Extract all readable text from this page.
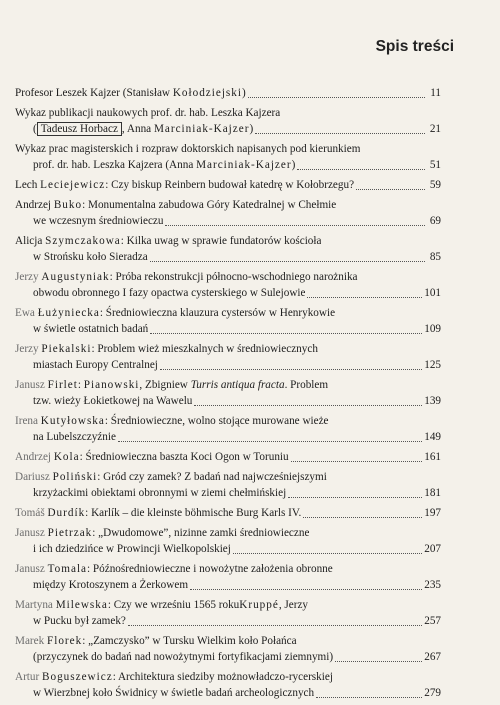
Spis treści
Profesor Leszek Kajzer (Stanisław Kołodziejski)	11
Wykaz publikacji naukowych prof. dr. hab. Leszka Kajzera
( Tadeusz Horbacz , Anna Marciniak-Kajzer)	21
Wykaz prac magisterskich i rozpraw doktorskich napisanych pod kierunkiem
prof. dr. hab. Leszka Kajzera (Anna Marciniak-Kajzer)	51
Lech Leciejewicz: Czy biskup Reinbern budował katedrę w Kołobrzegu?	59
Andrzej Buko: Monumentalna zabudowa Góry Katedralnej w Chełmie
we wczesnym średniowieczu	69
Alicja Szymczakowa: Kilka uwag w sprawie fundatorów kościoła
w Strońsku koło Sieradza	85
Jerzy Augustyniak: Próba rekonstrukcji północno-wschodniego narożnika
obwodu obronnego I fazy opactwa cysterskiego w Sulejowie	101
Ewa Łużyniecka: Średniowieczna klauzura cystersów w Henrykowie
w świetle ostatnich badań	109
Jerzy Piekalski: Problem wież mieszkalnych w średniowiecznych
miastach Europy Centralnej	125
Janusz Firlet: Pianowski, Zbigniew Turris antiqua fracta. Problem
tzw. wieży Łokietkowej na Wawelu	139
Irena Kutyłowska: Średniowieczne, wolno stojące murowane wieże
na Lubelszczyźnie	149
Andrzej Kola: Średniowieczna baszta Koci Ogon w Toruniu	161
Dariusz Poliński: Gród czy zamek? Z badań nad najwcześniejszymi
krzyżackimi obiektami obronnymi w ziemi chełmińskiej	181
Tomáš Durdík: Karlík – die kleinste böhmische Burg Karls IV.	197
Janusz Pietrzak: „Dwudomowe”, nizinne zamki średniowieczne
i ich dziedzińce w Prowincji Wielkopolskiej	207
Janusz Tomala: Późnośredniowieczne i nowożytne założenia obronne
między Krotoszynem a Żerkowem	235
Martyna Milewska: Czy we wrześniu 1565 rokuKruppé, Jerzy
w Pucku był zamek?	257
Marek Florek: „Zamczysko” w Tursku Wielkim koło Połańca
(przyczynek do badań nad nowożytnymi fortyfikacjami ziemnymi)	267
Artur Boguszewicz: Architektura siedziby możnowładczo-rycerskiej
w Wierzbnej koło Świdnicy w świetle badań archeologicznych	279
